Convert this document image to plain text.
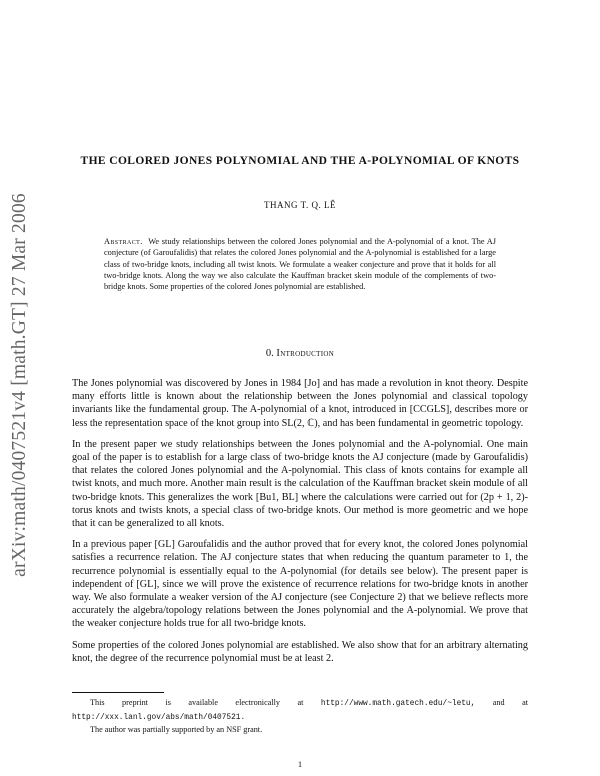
arXiv:math/0407521v4 [math.GT] 27 Mar 2006
THE COLORED JONES POLYNOMIAL AND THE A-POLYNOMIAL OF KNOTS
THANG T. Q. LÊ
Abstract. We study relationships between the colored Jones polynomial and the A-polynomial of a knot. The AJ conjecture (of Garoufalidis) that relates the colored Jones polynomial and the A-polynomial is established for a large class of two-bridge knots, including all twist knots. We formulate a weaker conjecture and prove that it holds for all two-bridge knots. Along the way we also calculate the Kauffman bracket skein module of the complements of two-bridge knots. Some properties of the colored Jones polynomial are established.
0. Introduction

The Jones polynomial was discovered by Jones in 1984 [Jo] and has made a revolution in knot theory. Despite many efforts little is known about the relationship between the Jones polynomial and classical topology invariants like the fundamental group. The A-polynomial of a knot, introduced in [CCGLS], describes more or less the representation space of the knot group into SL(2, ℂ), and has been fundamental in geometric topology.

In the present paper we study relationships between the Jones polynomial and the A-polynomial. One main goal of the paper is to establish for a large class of two-bridge knots the AJ conjecture (made by Garoufalidis) that relates the colored Jones polynomial and the A-polynomial. This class of knots contains for example all twist knots, and much more. Another main result is the calculation of the Kauffman bracket skein module of all two-bridge knots. This generalizes the work [Bu1, BL] where the calculations were carried out for (2p + 1, 2)-torus knots and twists knots, a special class of two-bridge knots. Our method is more geometric and we hope that it can be generalized to all knots.

In a previous paper [GL] Garoufalidis and the author proved that for every knot, the colored Jones polynomial satisfies a recurrence relation. The AJ conjecture states that when reducing the quantum parameter to 1, the recurrence polynomial is essentially equal to the A-polynomial (for details see below). The present paper is independent of [GL], since we will prove the existence of recurrence relations for two-bridge knots in another way. We also formulate a weaker version of the AJ conjecture (see Conjecture 2) that we believe reflects more accurately the algebra/topology relations between the Jones polynomial and the A-polynomial. We prove that the weaker conjecture holds true for all two-bridge knots.

Some properties of the colored Jones polynomial are established. We also show that for an arbitrary alternating knot, the degree of the recurrence polynomial must be at least 2.

This preprint is available electronically at http://www.math.gatech.edu/~letu, and at http://xxx.lanl.gov/abs/math/0407521.

The author was partially supported by an NSF grant.

1
